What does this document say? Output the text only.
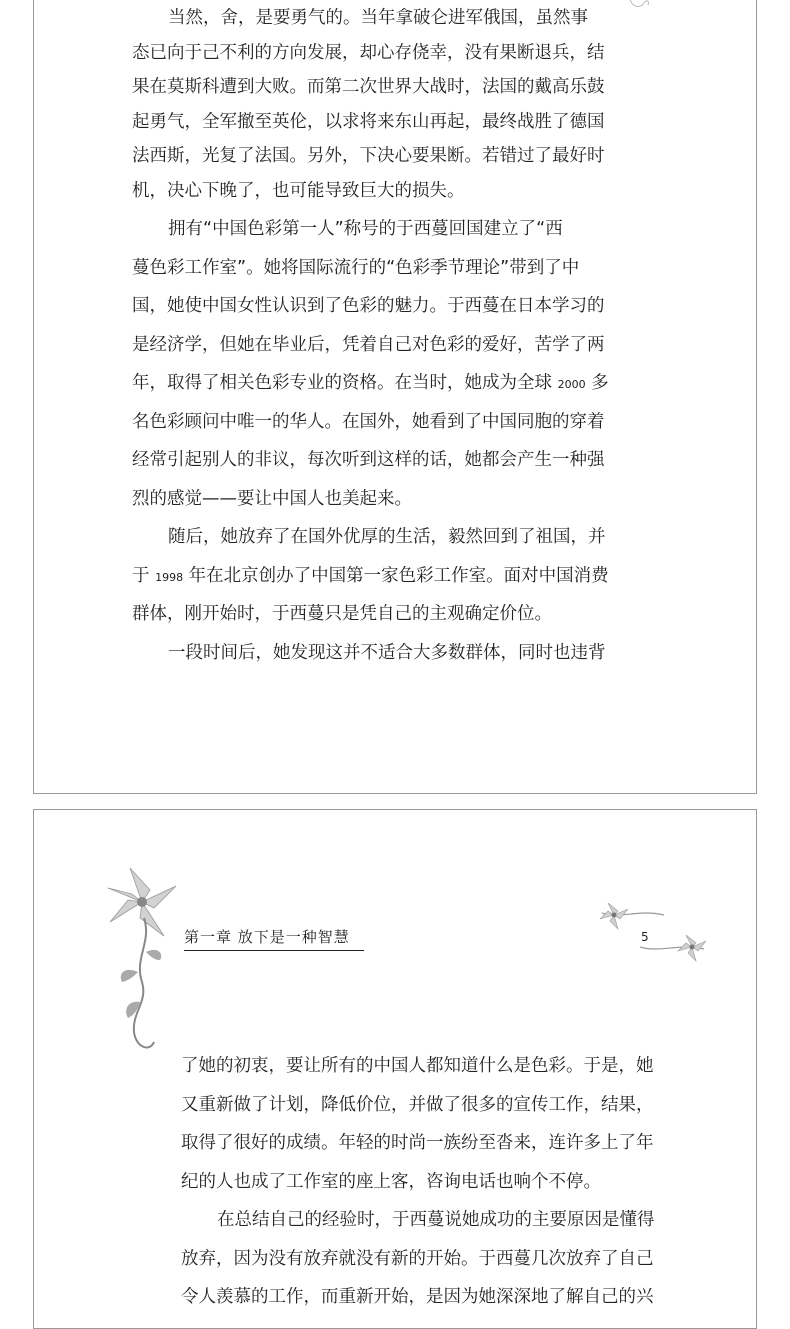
当然，舍，是要勇气的。当年拿破仑进军俄国，虽然事
态已向于己不利的方向发展，却心存侥幸，没有果断退兵，结
果在莫斯科遭到大败。而第二次世界大战时，法国的戴高乐鼓
起勇气，全军撤至英伦，以求将来东山再起，最终战胜了德国
法西斯，光复了法国。另外，下决心要果断。若错过了最好时
机，决心下晚了，也可能导致巨大的损失。
拥有“中国色彩第一人”称号的于西蔓回国建立了“西
蔓色彩工作室”。她将国际流行的“色彩季节理论”带到了中
国，她使中国女性认识到了色彩的魅力。于西蔓在日本学习的
是经济学，但她在毕业后，凭着自己对色彩的爱好，苦学了两
年，取得了相关色彩专业的资格。在当时，她成为全球 2000 多
名色彩顾问中唯一的华人。在国外，她看到了中国同胞的穿着
经常引起别人的非议，每次听到这样的话，她都会产生一种强
烈的感觉——要让中国人也美起来。
随后，她放弃了在国外优厚的生活，毅然回到了祖国，并
于 1998 年在北京创办了中国第一家色彩工作室。面对中国消费
群体，刚开始时，于西蔓只是凭自己的主观确定价位。
一段时间后，她发现这并不适合大多数群体，同时也违背
第一章 放下是一种智慧	5
了她的初衷，要让所有的中国人都知道什么是色彩。于是，她
又重新做了计划，降低价位，并做了很多的宣传工作，结果，
取得了很好的成绩。年轻的时尚一族纷至沓来，连许多上了年
纪的人也成了工作室的座上客，咨询电话也响个不停。
在总结自己的经验时，于西蔓说她成功的主要原因是懂得
放弃，因为没有放弃就没有新的开始。于西蔓几次放弃了自己
令人羡慕的工作，而重新开始，是因为她深深地了解自己的兴
